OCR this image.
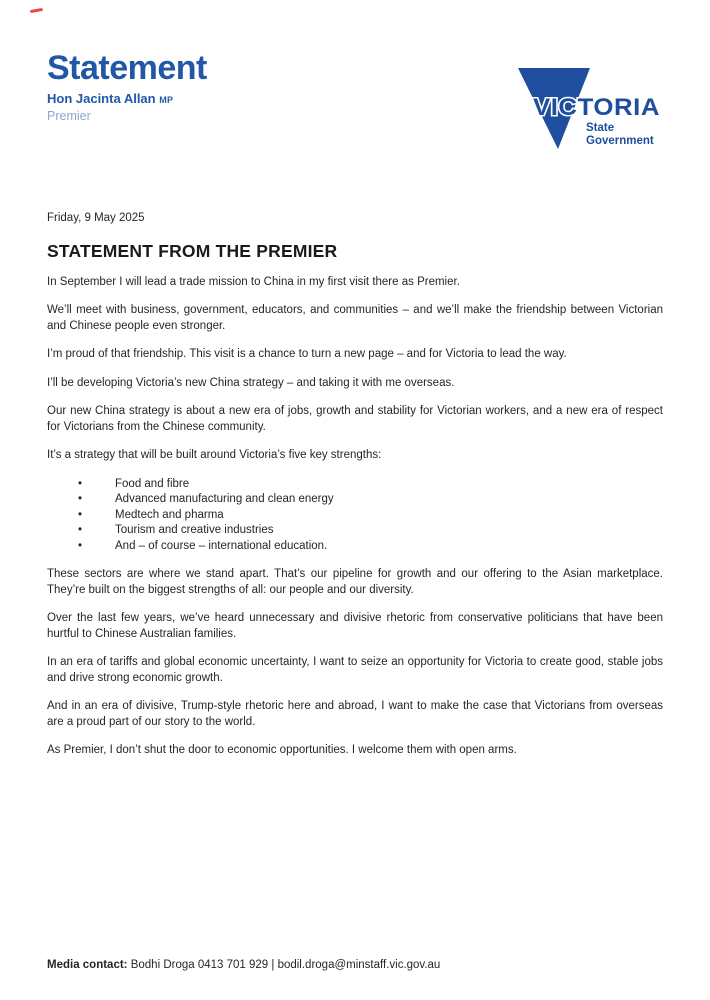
Statement
Hon Jacinta Allan MP
Premier	VICTORIA
State
Government

Friday, 9 May 2025

STATEMENT FROM THE PREMIER

In September I will lead a trade mission to China in my first visit there as Premier.

We’ll meet with business, government, educators, and communities – and we’ll make the friendship between Victorian and Chinese people even stronger.

I’m proud of that friendship. This visit is a chance to turn a new page – and for Victoria to lead the way.

I’ll be developing Victoria’s new China strategy – and taking it with me overseas.

Our new China strategy is about a new era of jobs, growth and stability for Victorian workers, and a new era of respect for Victorians from the Chinese community.

It’s a strategy that will be built around Victoria’s five key strengths:

•	Food and fibre
•	Advanced manufacturing and clean energy
•	Medtech and pharma
•	Tourism and creative industries
•	And – of course – international education.

These sectors are where we stand apart. That’s our pipeline for growth and our offering to the Asian marketplace. They’re built on the biggest strengths of all: our people and our diversity.

Over the last few years, we’ve heard unnecessary and divisive rhetoric from conservative politicians that have been hurtful to Chinese Australian families.

In an era of tariffs and global economic uncertainty, I want to seize an opportunity for Victoria to create good, stable jobs and drive strong economic growth.

And in an era of divisive, Trump-style rhetoric here and abroad, I want to make the case that Victorians from overseas are a proud part of our story to the world.

As Premier, I don’t shut the door to economic opportunities. I welcome them with open arms.

Media contact: Bodhi Droga 0413 701 929 | bodil.droga@minstaff.vic.gov.au
